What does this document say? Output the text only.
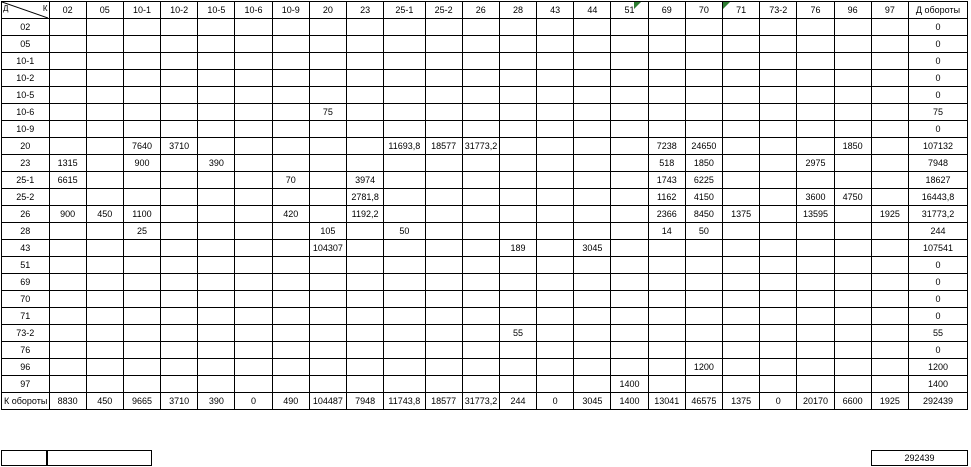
Д К	02	05	10-1	10-2	10-5	10-6	10-9	20	23	25-1	25-2	26	28	43	44	51	69	70	71	73-2	76	96	97	Д обороты
02																								0
05																								0
10-1																								0
10-2																								0
10-5																								0
10-6								75																75
10-9																								0
20			7640	3710						11693,8	18577	31773,2					7238	24650				1850		107132
23	1315		900		390												518	1850			2975			7948
25-1	6615						70		3974								1743	6225						18627
25-2									2781,8								1162	4150			3600	4750		16443,8
26	900	450	1100				420		1192,2								2366	8450	1375		13595		1925	31773,2
28			25					105		50							14	50						244
43								104307					189		3045									107541
51																								0
69																								0
70																								0
71																								0
73-2													55											55
76																								0
96																		1200						1200
97																1400								1400
К обороты	8830	450	9665	3710	390	0	490	104487	7948	11743,8	18577	31773,2	244	0	3045	1400	13041	46575	1375	0	20170	6600	1925	292439
292439
